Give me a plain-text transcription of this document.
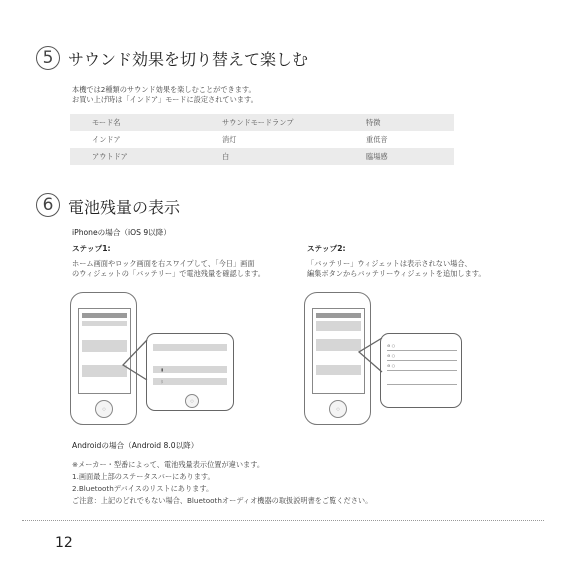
5 サウンド効果を切り替えて楽しむ
本機では2種類のサウンド効果を楽しむことができます。
お買い上げ時は「インドア」モードに設定されています。
モード名	サウンドモードランプ	特徴
インドア	消灯	重低音
アウトドア	白	臨場感
6 電池残量の表示
iPhoneの場合（iOS 9以降）
ステップ1:
ホーム画面やロック画面を右スワイプして、「今日」画面
のウィジェットの「バッテリー」で電池残量を確認します。
ステップ2:
「バッテリー」ウィジェットは表示されない場合、
編集ボタンからバッテリーウィジェットを追加します。
○
▮
ᛒ
○
○
⊖ ○
⊖ ○
⊖ ○
Androidの場合（Android 8.0以降）
※メーカー・型番によって、電池残量表示位置が違います。
1.画面最上部のステータスバーにあります。
2.Bluetoothデバイスのリストにあります。
ご注意：上記のどれでもない場合、Bluetoothオーディオ機器の取扱説明書をご覧ください。
12
